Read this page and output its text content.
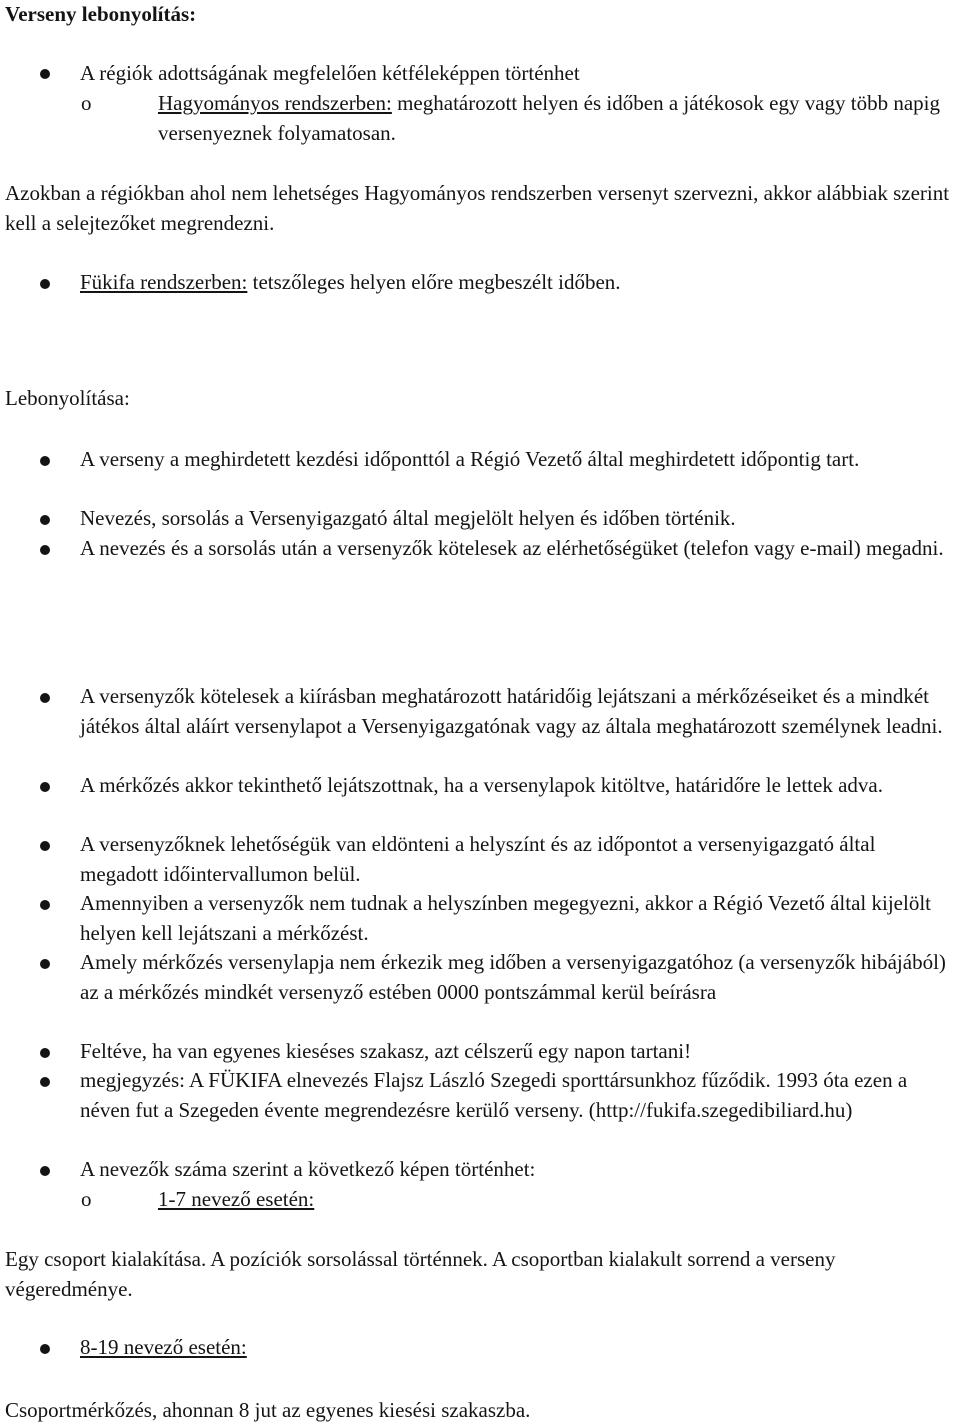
Verseny lebonyolítás:
A régiók adottságának megfelelően kétféleképpen történhet
o	Hagyományos rendszerben: meghatározott helyen és időben a játékosok egy vagy több napig versenyeznek folyamatosan.
Azokban a régiókban ahol nem lehetséges Hagyományos rendszerben versenyt szervezni, akkor alábbiak szerint kell a selejtezőket megrendezni.
Fükifa rendszerben: tetszőleges helyen előre megbeszélt időben.
Lebonyolítása:
A verseny a meghirdetett kezdési időponttól a Régió Vezető által meghirdetett időpontig tart.
Nevezés, sorsolás a Versenyigazgató által megjelölt helyen és időben történik.
A nevezés és a sorsolás után a versenyzők kötelesek az elérhetőségüket (telefon vagy e-mail) megadni.
A versenyzők kötelesek a kiírásban meghatározott határidőig lejátszani a mérkőzéseiket és a mindkét játékos által aláírt versenylapot a Versenyigazgatónak vagy az általa meghatározott személynek leadni.
A mérkőzés akkor tekinthető lejátszottnak, ha a versenylapok kitöltve, határidőre le lettek adva.
A versenyzőknek lehetőségük van eldönteni a helyszínt és az időpontot a versenyigazgató által megadott időintervallumon belül.
Amennyiben a versenyzők nem tudnak a helyszínben megegyezni, akkor a Régió Vezető által kijelölt helyen kell lejátszani a mérkőzést.
Amely mérkőzés versenylapja nem érkezik meg időben a versenyigazgatóhoz (a versenyzők hibájából) az a mérkőzés mindkét versenyző estében 0000 pontszámmal kerül beírásra
Feltéve, ha van egyenes kieséses szakasz, azt célszerű egy napon tartani!
megjegyzés: A FÜKIFA elnevezés Flajsz László Szegedi sporttársunkhoz fűződik. 1993 óta ezen a néven fut a Szegeden évente megrendezésre kerülő verseny. (http://fukifa.szegedibiliard.hu)
A nevezők száma szerint a következő képen történhet:
o	1-7 nevező esetén:
Egy csoport kialakítása. A pozíciók sorsolással történnek. A csoportban kialakult sorrend a verseny végeredménye.
8-19 nevező esetén:
Csoportmérkőzés, ahonnan 8 jut az egyenes kiesési szakaszba.
